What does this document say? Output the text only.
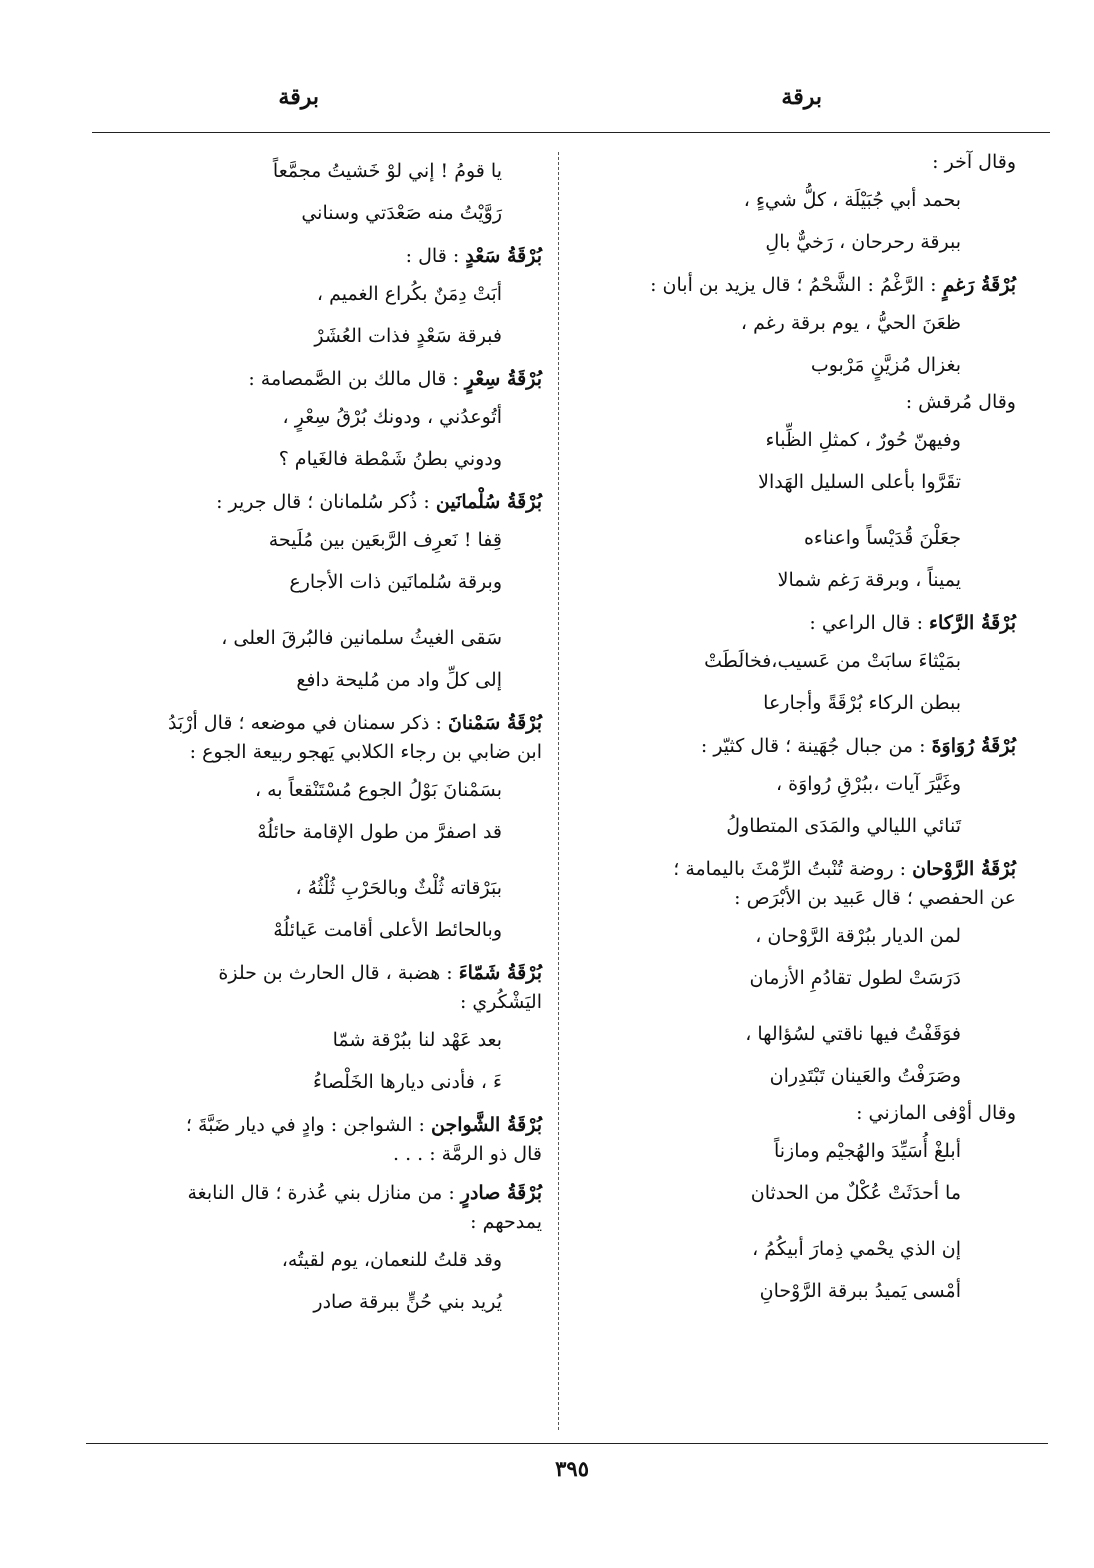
برقة
برقة
وقال آخر :
بحمد أبي جُبَيْلَة ، كلُّ شيءٍ ،
ببرقة رحرحان ، رَخيٌّ بالِ
بُرْقَةُ رَغمٍ : الرَّغْمُ : الشَّحْمُ ؛ قال يزيد بن أبان :
ظعَنَ الحيُّ ، يوم برقة رغم ،
بغزال مُزيَّنٍ مَرْبوب
وقال مُرقش :
وفيهنّ حُورٌ ، كمثلِ الظِّباء
تقَرَّوا بأعلى السليل الهَدالا
جعَلْنَ قُدَيْساً واعناءه
يميناً ، وبرقة رَغم شمالا
بُرْقَةُ الرَّكاء : قال الراعي :
بمَيْثاءَ سابَتْ من عَسيب،فخالَطَتْ
ببطن الركاء بُرْقَةً وأجارعا
بُرْقَةُ رُوَاوَةَ : من جبال جُهَينة ؛ قال كثيّر :
وغَيَّرَ آيات ،ببُرْقِ رُواوَة ،
تَنائي الليالي والمَدَى المتطاولُ
بُرْقَةُ الرَّوْحان : روضة تُنْبتُ الرِّمْثَ باليمامة ؛
عن الحفصي ؛ قال عَبيد بن الأبْرَص :
لمن الديار ببُرْقة الرَّوْحان ،
دَرَسَتْ لطول تقادُمِ الأزمان
فوَقَفْتُ فيها ناقتي لسُؤالها ،
وصَرَفْتُ والعَينان تَبْتَدِران
وقال أوْفى المازني :
أبلغْ أُسَيِّدَ والهُجيْم ومازناً
ما أحدَثَتْ عُكْلٌ من الحدثان
إن الذي يحْمي ذِمارَ أبيكُمُ ،
أمْسى يَميدُ ببرقة الرَّوْحانِ
يا قومُ ! إني لوْ خَشيتُ مجمَّعاً
رَوَّيْتُ منه صَعْدَتي وسناني
بُرْقَةُ سَعْدٍ : قال :
أبَتْ دِمَنٌ بكُراع الغميم ،
فبرقة سَعْدٍ فذات العُشَرْ
بُرْقَةُ سِعْرٍ : قال مالك بن الصَّمصامة :
أتُوعدُني ، ودونك بُرْقُ سِعْرٍ ،
ودوني بطنُ شَمْطة فالغَيام ؟
بُرْقَةُ سُلْمانَين : ذُكر سُلمانان ؛ قال جرير :
قِفا ! نَعرِف الرَّبعَين بين مُلَيحة
وبرقة سُلمانَين ذات الأجارع
سَقى الغيثُ سلمانين فالبُرقَ العلى ،
إلى كلِّ واد من مُليحة دافع
بُرْقَةُ سَمْنانَ : ذكر سمنان في موضعه ؛ قال أرْبَدُ
ابن ضابي بن رجاء الكلابي يَهجو ربيعة الجوع :
بسَمْنانَ بَوْلُ الجوع مُسْتَنْقعاً به ،
قد اصفرَّ من طول الإقامة حائلُهْ
ببَرْقاته ثُلْثٌ وبالحَرْبِ ثُلْثُهُ ،
وبالحائط الأعلى أقامت عَيائلُهْ
بُرْقَةُ شَمّاءَ : هضبة ، قال الحارث بن حلزة
اليَشْكُري :
بعد عَهْد لنا ببُرْقة شمّا
ءَ ، فأدنى ديارها الخَلْصاءُ
بُرْقَةُ الشَّواجن : الشواجن : وادٍ في ديار ضَبَّةَ ؛
قال ذو الرمَّة : . . .
بُرْقَةُ صادرٍ : من منازل بني عُذرة ؛ قال النابغة
يمدحهم :
وقد قلتُ للنعمان، يوم لقيتُه،
يُريد بني حُنٍّ ببرقة صادر
٣٩٥
